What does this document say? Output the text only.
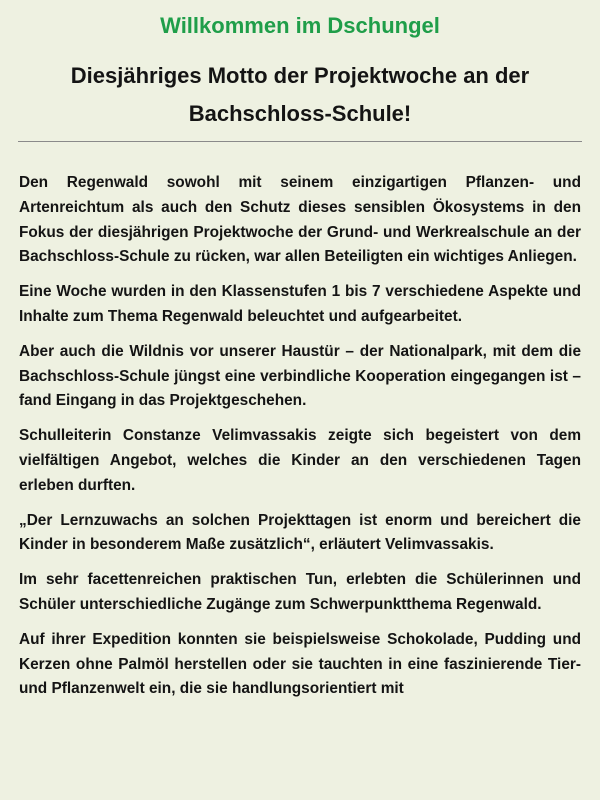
Willkommen im Dschungel
Diesjähriges Motto der Projektwoche an der Bachschloss-Schule!

Den Regenwald sowohl mit seinem einzigartigen Pflanzen- und Artenreichtum als auch den Schutz dieses sensiblen Ökosystems in den Fokus der diesjährigen Projektwoche der Grund- und Werkrealschule an der Bachschloss-Schule zu rücken, war allen Beteiligten ein wichtiges Anliegen.

Eine Woche wurden in den Klassenstufen 1 bis 7 verschiedene Aspekte und Inhalte zum Thema Regenwald beleuchtet und aufgearbeitet.

Aber auch die Wildnis vor unserer Haustür – der Nationalpark, mit dem die Bachschloss-Schule jüngst eine verbindliche Kooperation eingegangen ist – fand Eingang in das Projektgeschehen.

Schulleiterin Constanze Velimvassakis zeigte sich begeistert von dem vielfältigen Angebot, welches die Kinder an den verschiedenen Tagen erleben durften.

„Der Lernzuwachs an solchen Projekttagen ist enorm und bereichert die Kinder in besonderem Maße zusätzlich“, erläutert Velimvassakis.

Im sehr facettenreichen praktischen Tun, erlebten die Schülerinnen und Schüler unterschiedliche Zugänge zum Schwerpunktthema Regenwald.

Auf ihrer Expedition konnten sie beispielsweise Schokolade, Pudding und Kerzen ohne Palmöl herstellen oder sie tauchten in eine faszinierende Tier- und Pflanzenwelt ein, die sie handlungsorientiert mit
